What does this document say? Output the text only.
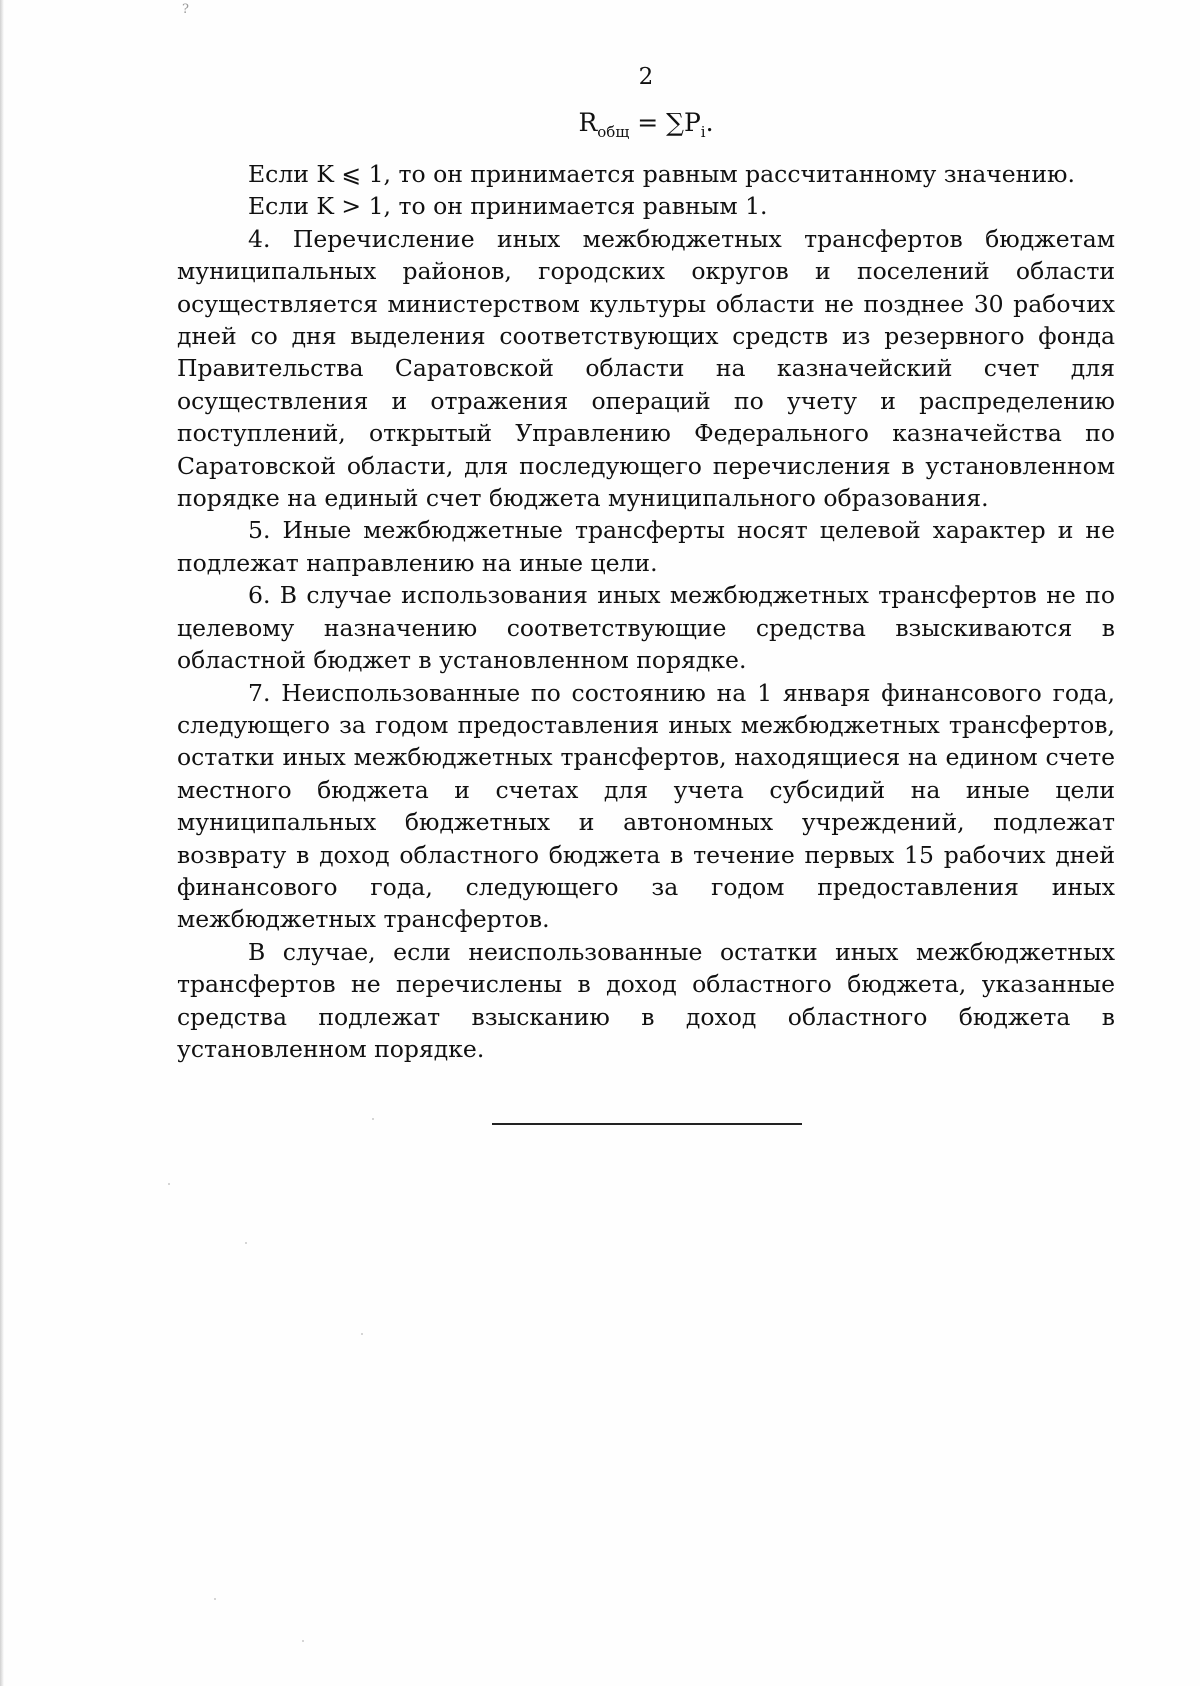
?
2
$R_{общ} = \sum P_i$.

Если K ⩽ 1, то он принимается равным рассчитанному значению.

Если K > 1, то он принимается равным 1.

4. Перечисление иных межбюджетных трансфертов бюджетам муниципальных районов, городских округов и поселений области осуществляется министерством культуры области не позднее 30 рабочих дней со дня выделения соответствующих средств из резервного фонда Правительства Саратовской области на казначейский счет для осуществления и отражения операций по учету и распределению поступлений, открытый Управлению Федерального казначейства по Саратовской области, для последующего перечисления в установленном порядке на единый счет бюджета муниципального образования.

5. Иные межбюджетные трансферты носят целевой характер и не подлежат направлению на иные цели.

6. В случае использования иных межбюджетных трансфертов не по целевому назначению соответствующие средства взыскиваются в областной бюджет в установленном порядке.

7. Неиспользованные по состоянию на 1 января финансового года, следующего за годом предоставления иных межбюджетных трансфертов, остатки иных межбюджетных трансфертов, находящиеся на едином счете местного бюджета и счетах для учета субсидий на иные цели муниципальных бюджетных и автономных учреждений, подлежат возврату в доход областного бюджета в течение первых 15 рабочих дней финансового года, следующего за годом предоставления иных межбюджетных трансфертов.

В случае, если неиспользованные остатки иных межбюджетных трансфертов не перечислены в доход областного бюджета, указанные средства подлежат взысканию в доход областного бюджета в установленном порядке.
